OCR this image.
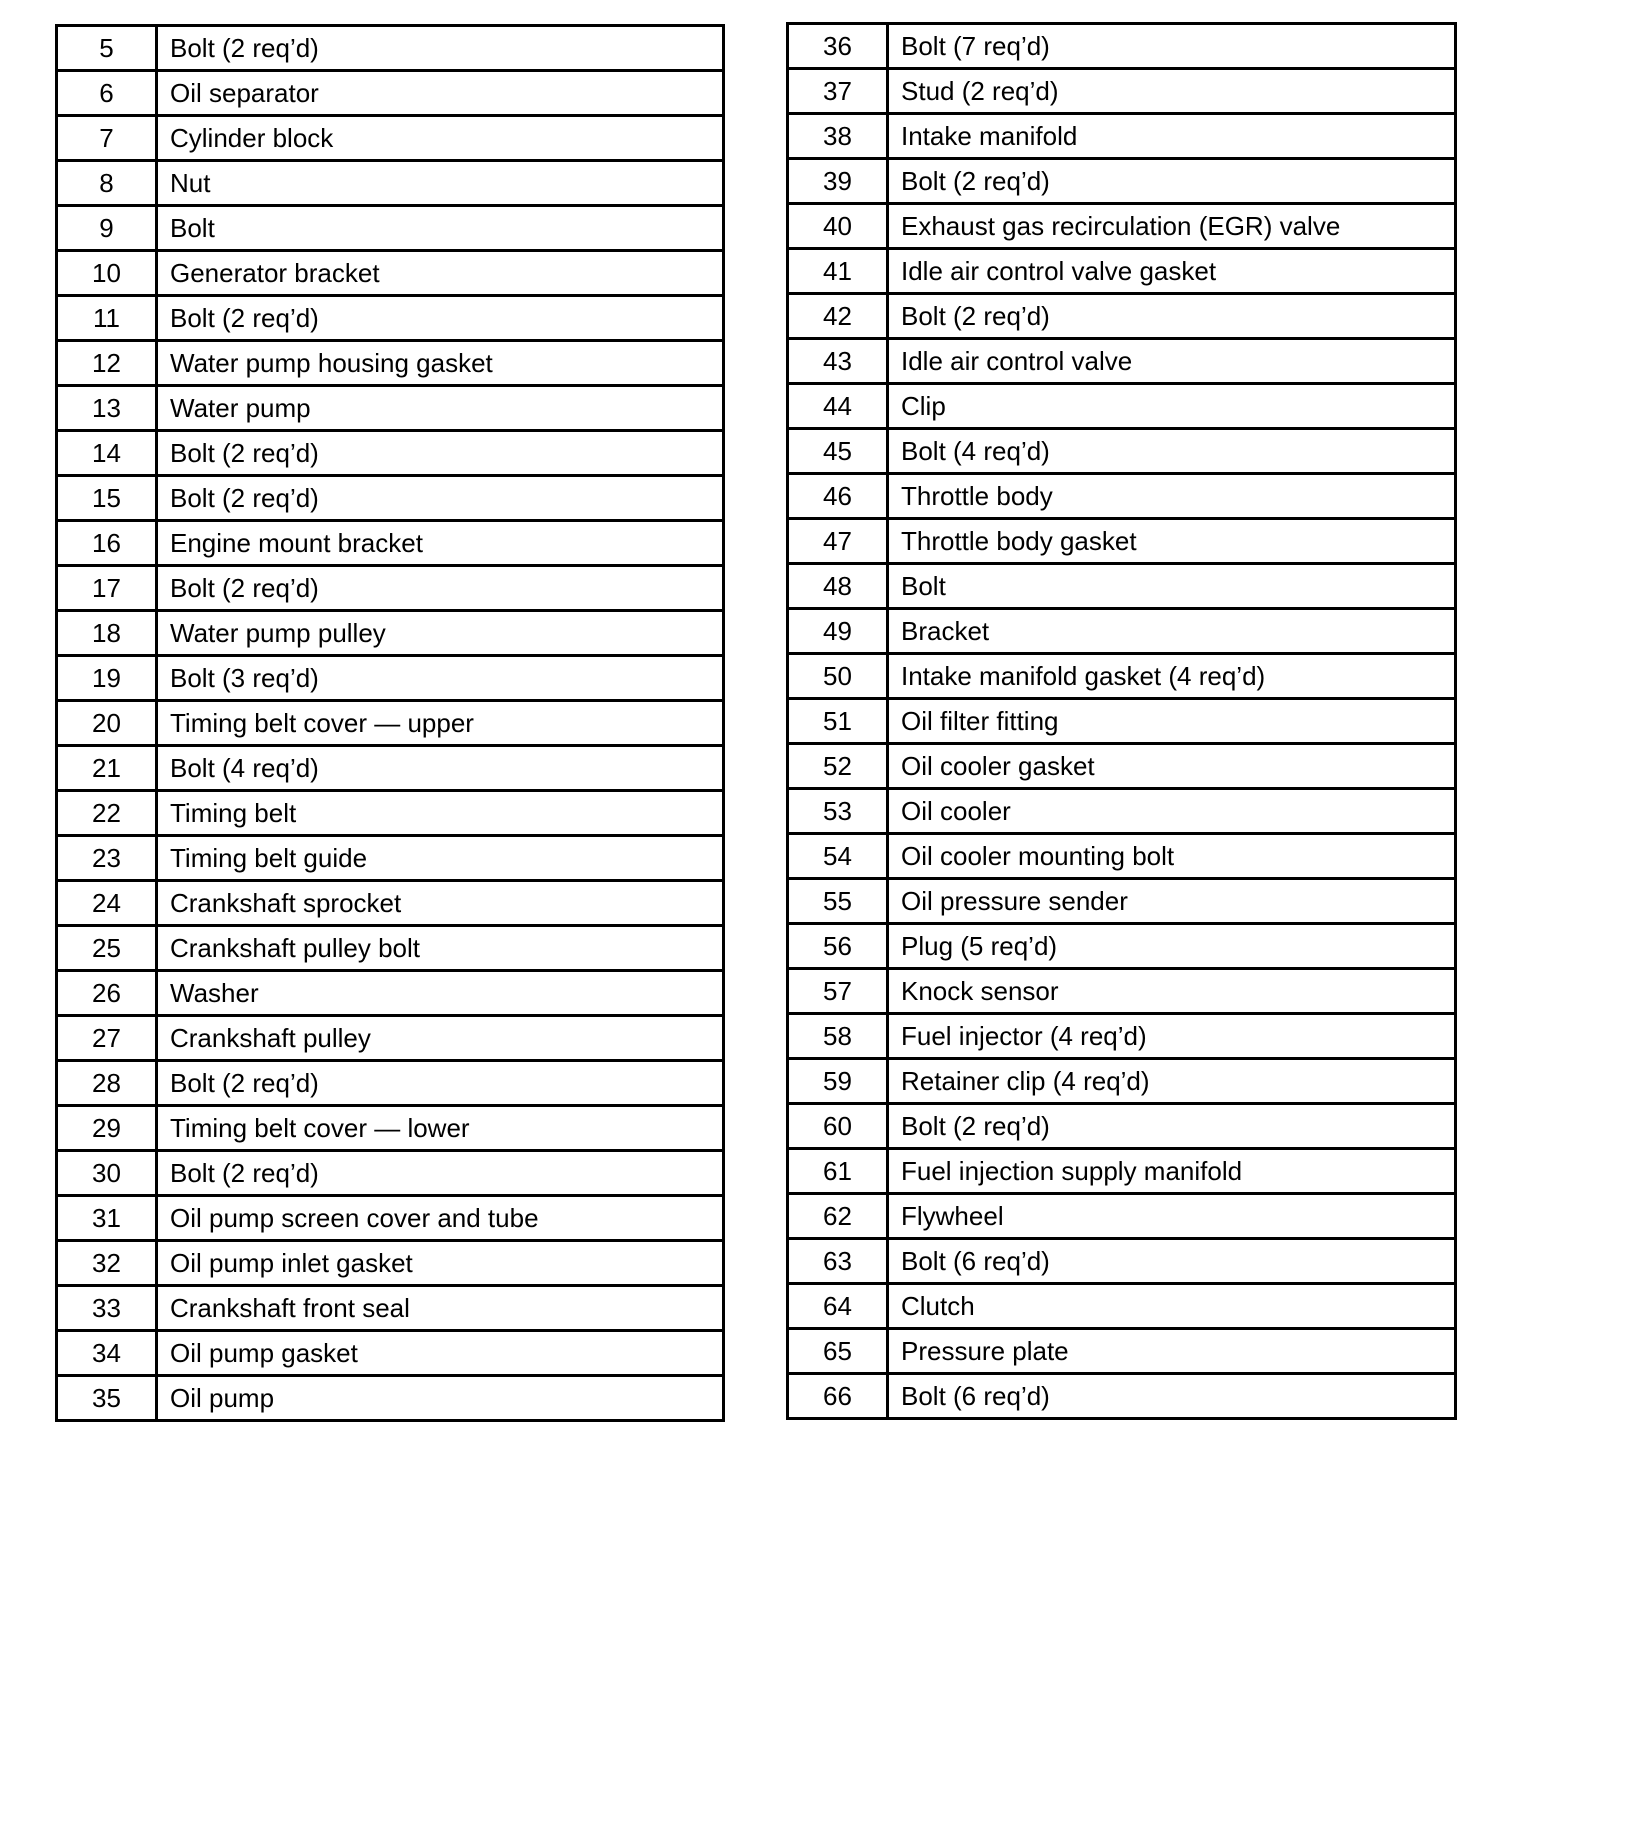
5	Bolt (2 req’d)
6	Oil separator
7	Cylinder block
8	Nut
9	Bolt
10	Generator bracket
11	Bolt (2 req’d)
12	Water pump housing gasket
13	Water pump
14	Bolt (2 req’d)
15	Bolt (2 req’d)
16	Engine mount bracket
17	Bolt (2 req’d)
18	Water pump pulley
19	Bolt (3 req’d)
20	Timing belt cover — upper
21	Bolt (4 req’d)
22	Timing belt
23	Timing belt guide
24	Crankshaft sprocket
25	Crankshaft pulley bolt
26	Washer
27	Crankshaft pulley
28	Bolt (2 req’d)
29	Timing belt cover — lower
30	Bolt (2 req’d)
31	Oil pump screen cover and tube
32	Oil pump inlet gasket
33	Crankshaft front seal
34	Oil pump gasket
35	Oil pump
36	Bolt (7 req’d)
37	Stud (2 req’d)
38	Intake manifold
39	Bolt (2 req’d)
40	Exhaust gas recirculation (EGR) valve
41	Idle air control valve gasket
42	Bolt (2 req’d)
43	Idle air control valve
44	Clip
45	Bolt (4 req’d)
46	Throttle body
47	Throttle body gasket
48	Bolt
49	Bracket
50	Intake manifold gasket (4 req’d)
51	Oil filter fitting
52	Oil cooler gasket
53	Oil cooler
54	Oil cooler mounting bolt
55	Oil pressure sender
56	Plug (5 req’d)
57	Knock sensor
58	Fuel injector (4 req’d)
59	Retainer clip (4 req’d)
60	Bolt (2 req’d)
61	Fuel injection supply manifold
62	Flywheel
63	Bolt (6 req’d)
64	Clutch
65	Pressure plate
66	Bolt (6 req’d)
